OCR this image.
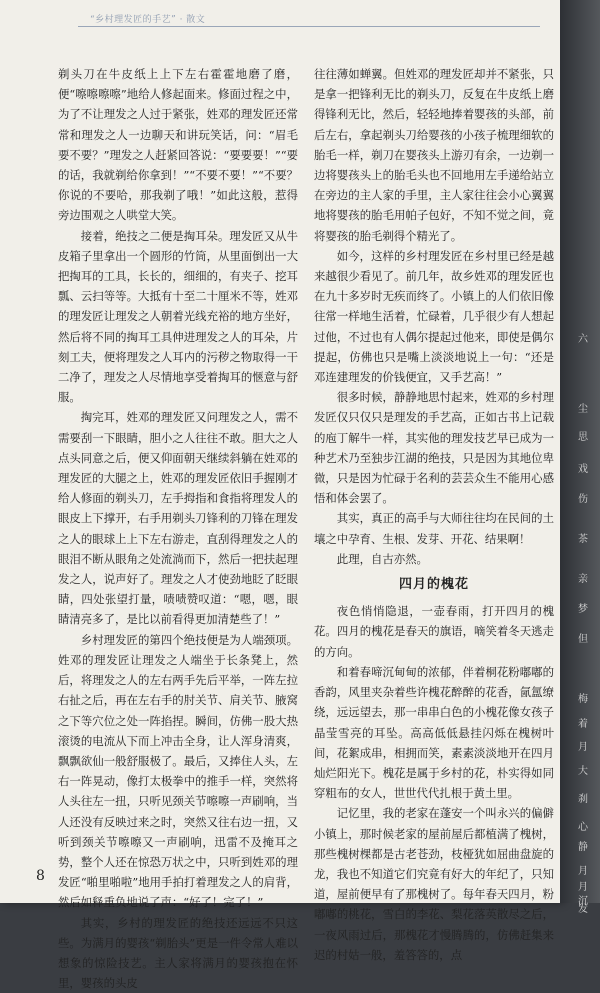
“乡村理发匠的手艺” · 散文

剃头刀在牛皮纸上上下左右霍霍地磨了磨，便“嚓嚓嚓嚓”地给人修起面来。修面过程之中，为了不让理发之人过于紧张，姓邓的理发匠还常常和理发之人一边聊天和讲玩笑话，问：“眉毛要不要？”理发之人赶紧回答说：“要要要！”“要的话，我就剃给你拿到！”“不要不要！”“不要？你说的不要哈，那我剃了哦！”如此这般，惹得旁边围观之人哄堂大笑。

接着，绝技之二便是掏耳朵。理发匠又从牛皮箱子里拿出一个圆形的竹筒，从里面倒出一大把掏耳的工具，长长的，细细的，有夹子、挖耳瓢、云扫等等。大抵有十至二十厘米不等，姓邓的理发匠让理发之人朝着光线充裕的地方坐好，然后将不同的掏耳工具伸进理发之人的耳朵，片刻工夫，便将理发之人耳内的污秽之物取得一干二净了，理发之人尽情地享受着掏耳的惬意与舒服。

掏完耳，姓邓的理发匠又问理发之人，需不需要刮一下眼睛，胆小之人往往不敢。胆大之人点头同意之后，便又仰面朝天继续斜躺在姓邓的理发匠的大腿之上，姓邓的理发匠依旧手握刚才给人修面的剃头刀，左手拇指和食指将理发人的眼皮上下撑开，右手用剃头刀锋利的刀锋在理发之人的眼球上上下左右游走，直刮得理发之人的眼泪不断从眼角之处流淌而下，然后一把扶起理发之人，说声好了。理发之人才使劲地眨了眨眼睛，四处张望打量，啧啧赞叹道：“嗯，嗯，眼睛清亮多了，是比以前看得更加清楚些了！”

乡村理发匠的第四个绝技便是为人端颈项。姓邓的理发匠让理发之人端坐于长条凳上，然后，将理发之人的左右两手先后平举，一阵左拉右扯之后，再在左右手的肘关节、肩关节、腋窝之下等穴位之处一阵掐捏。瞬间，仿佛一股大热滚烫的电流从下而上冲击全身，让人浑身清爽，飘飘欲仙一般舒服极了。最后，又捧住人头，左右一阵晃动，像打太极拳中的推手一样，突然将人头往左一扭，只听见颈关节嚓嚓一声刷响，当人还没有反映过来之时，突然又往右边一扭，又听到颈关节嚓嚓又一声刷响，迅雷不及掩耳之势，整个人还在惊恐万状之中，只听到姓邓的理发匠“啪里啪啦”地用手拍打着理发之人的肩背，然后如释重负地说了声：“好了！完了！”

其实，乡村的理发匠的绝技还远远不只这些。为满月的婴孩“剃胎头”更是一件令常人难以想象的惊险技艺。主人家将满月的婴孩抱在怀里，婴孩的头皮

往往薄如蝉翼。但姓邓的理发匠却并不紧张，只是拿一把锋利无比的剃头刀，反复在牛皮纸上磨得锋利无比，然后，轻轻地捧着婴孩的头部，前后左右，拿起剃头刀给婴孩的小孩子梳理细软的胎毛一样，剃刀在婴孩头上游刃有余，一边剃一边将婴孩头上的胎毛头也不回地用左手递给站立在旁边的主人家的手里，主人家往往会小心翼翼地将婴孩的胎毛用帕子包好，不知不觉之间，竟将婴孩的胎毛剃得个精光了。

如今，这样的乡村理发匠在乡村里已经是越来越很少看见了。前几年，故乡姓邓的理发匠也在九十多岁时无疾而终了。小镇上的人们依旧像往常一样地生活着，忙碌着，几乎很少有人想起过他，不过也有人偶尔提起过他来，即使是偶尔提起，仿佛也只是嘴上淡淡地说上一句：“还是邓连建理发的价钱便宜，又手艺高！”

很多时候，静静地思忖起来，姓邓的乡村理发匠仅只仅只是理发的手艺高，正如古书上记载的庖丁解牛一样，其实他的理发技艺早已成为一种艺术乃至独步江湖的绝技，只是因为其地位卑微，只是因为忙碌于名利的芸芸众生不能用心感悟和体会罢了。

其实，真正的高手与大师往往均在民间的土壤之中孕育、生根、发芽、开花、结果啊！

此理，自古亦然。

四月的槐花

夜色悄悄隐退，一壶春雨，打开四月的槐花。四月的槐花是春天的旗语，嘀笑着冬天逃走的方向。

和着春啼沉甸甸的浓郁，伴着桐花粉嘟嘟的香韵，风里夹杂着些许槐花醉醉的花香，氤氲缭绕，远远望去，那一串串白色的小槐花像女孩子晶莹雪亮的耳坠。高高低低悬挂闪烁在槐树叶间，花絮成串，相拥而笑，素素淡淡地开在四月灿烂阳光下。槐花是属于乡村的花，朴实得如同穿粗布的女人，世世代代扎根于黄土里。

记忆里，我的老家在蓬安一个叫永兴的偏僻小镇上，那时候老家的屋前屋后都植满了槐树，那些槐树棵都是古老苍劲，枝桠犹如屈曲盘旋的龙，我也不知道它们究竟有好大的年纪了，只知道，屋前便早有了那槐树了。每年春天四月，粉嘟嘟的桃花，雪白的李花、梨花落英散尽之后，一夜风雨过后，那槐花才慢腾腾的，仿佛赶集来迟的村姑一般，羞答答的，点

8
六
尘
思
戏
伤
茶
亲
梦
但
梅
着
月
大
刹
心
静
月
月
沉
发
